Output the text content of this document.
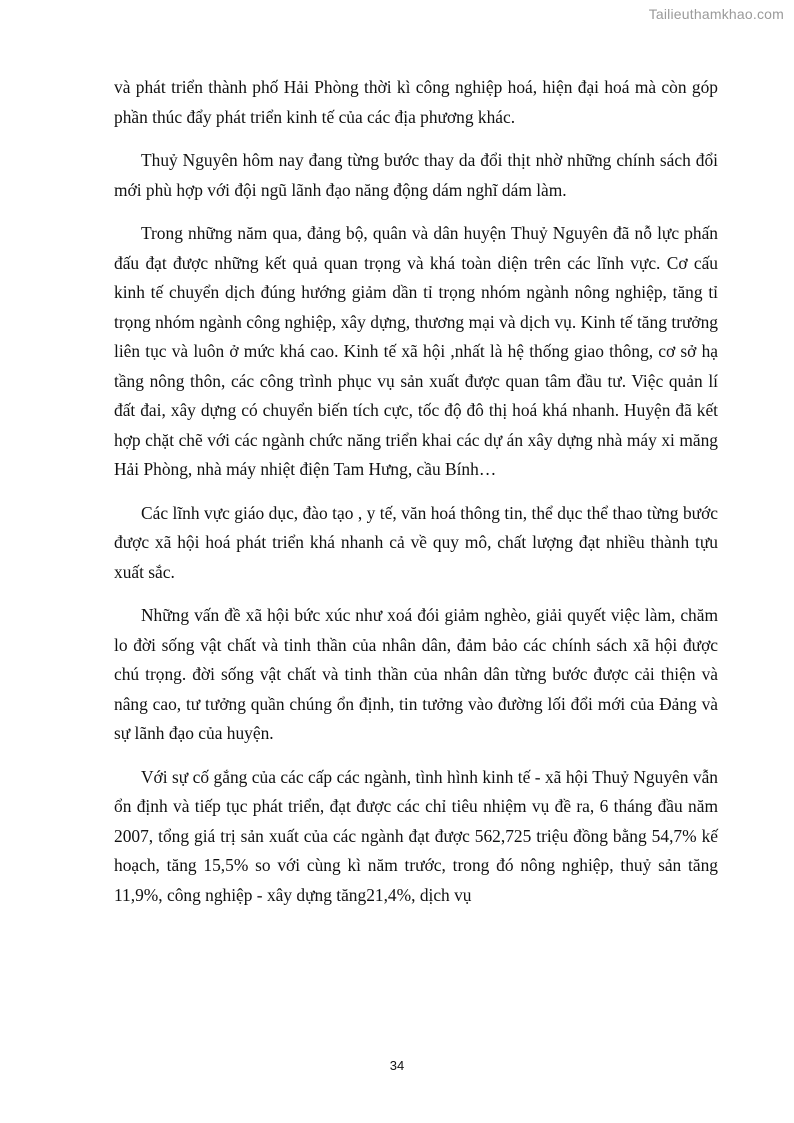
Tailieuthamkhao.com

và phát triển thành phố Hải Phòng thời kì công nghiệp hoá, hiện đại hoá mà còn góp phần thúc đẩy phát triển kinh tế của các địa phương khác.

Thuỷ Nguyên hôm nay đang từng bước thay da đổi thịt nhờ những chính sách đổi mới phù hợp với đội ngũ lãnh đạo năng động dám nghĩ dám làm.

Trong những năm qua, đảng bộ, quân và dân huyện Thuỷ Nguyên đã nỗ lực phấn đấu đạt được những kết quả quan trọng và khá toàn diện trên các lĩnh vực. Cơ cấu kinh tế chuyển dịch đúng hướng giảm dần tỉ trọng nhóm ngành nông nghiệp, tăng tỉ trọng nhóm ngành công nghiệp, xây dựng, thương mại và dịch vụ. Kinh tế tăng trưởng liên tục và luôn ở mức khá cao. Kinh tế xã hội ,nhất là hệ thống giao thông, cơ sở hạ tầng nông thôn, các công trình phục vụ sản xuất được quan tâm đầu tư. Việc quản lí đất đai, xây dựng có chuyển biến tích cực, tốc độ đô thị hoá khá nhanh. Huyện đã kết hợp chặt chẽ với các ngành chức năng triển khai các dự án xây dựng nhà máy xi măng Hải Phòng, nhà máy nhiệt điện Tam Hưng, cầu Bính…

Các lĩnh vực giáo dục, đào tạo , y tế, văn hoá thông tin, thể dục thể thao từng bước được xã hội hoá phát triển khá nhanh cả về quy mô, chất lượng đạt nhiều thành tựu xuất sắc.

Những vấn đề xã hội bức xúc như xoá đói giảm nghèo, giải quyết việc làm, chăm lo đời sống vật chất và tinh thần của nhân dân, đảm bảo các chính sách xã hội được chú trọng. đời sống vật chất và tinh thần của nhân dân từng bước được cải thiện và nâng cao, tư tưởng quần chúng ổn định, tin tưởng vào đường lối đổi mới của Đảng và sự lãnh đạo của huyện.

Với sự cố gắng của các cấp các ngành, tình hình kinh tế - xã hội Thuỷ Nguyên vẫn ổn định và tiếp tục phát triển, đạt được các chỉ tiêu nhiệm vụ đề ra, 6 tháng đầu năm 2007, tổng giá trị sản xuất của các ngành đạt được 562,725 triệu đồng bằng 54,7% kế hoạch, tăng 15,5% so với cùng kì năm trước, trong đó nông nghiệp, thuỷ sản tăng 11,9%, công nghiệp - xây dựng tăng21,4%, dịch vụ

34
